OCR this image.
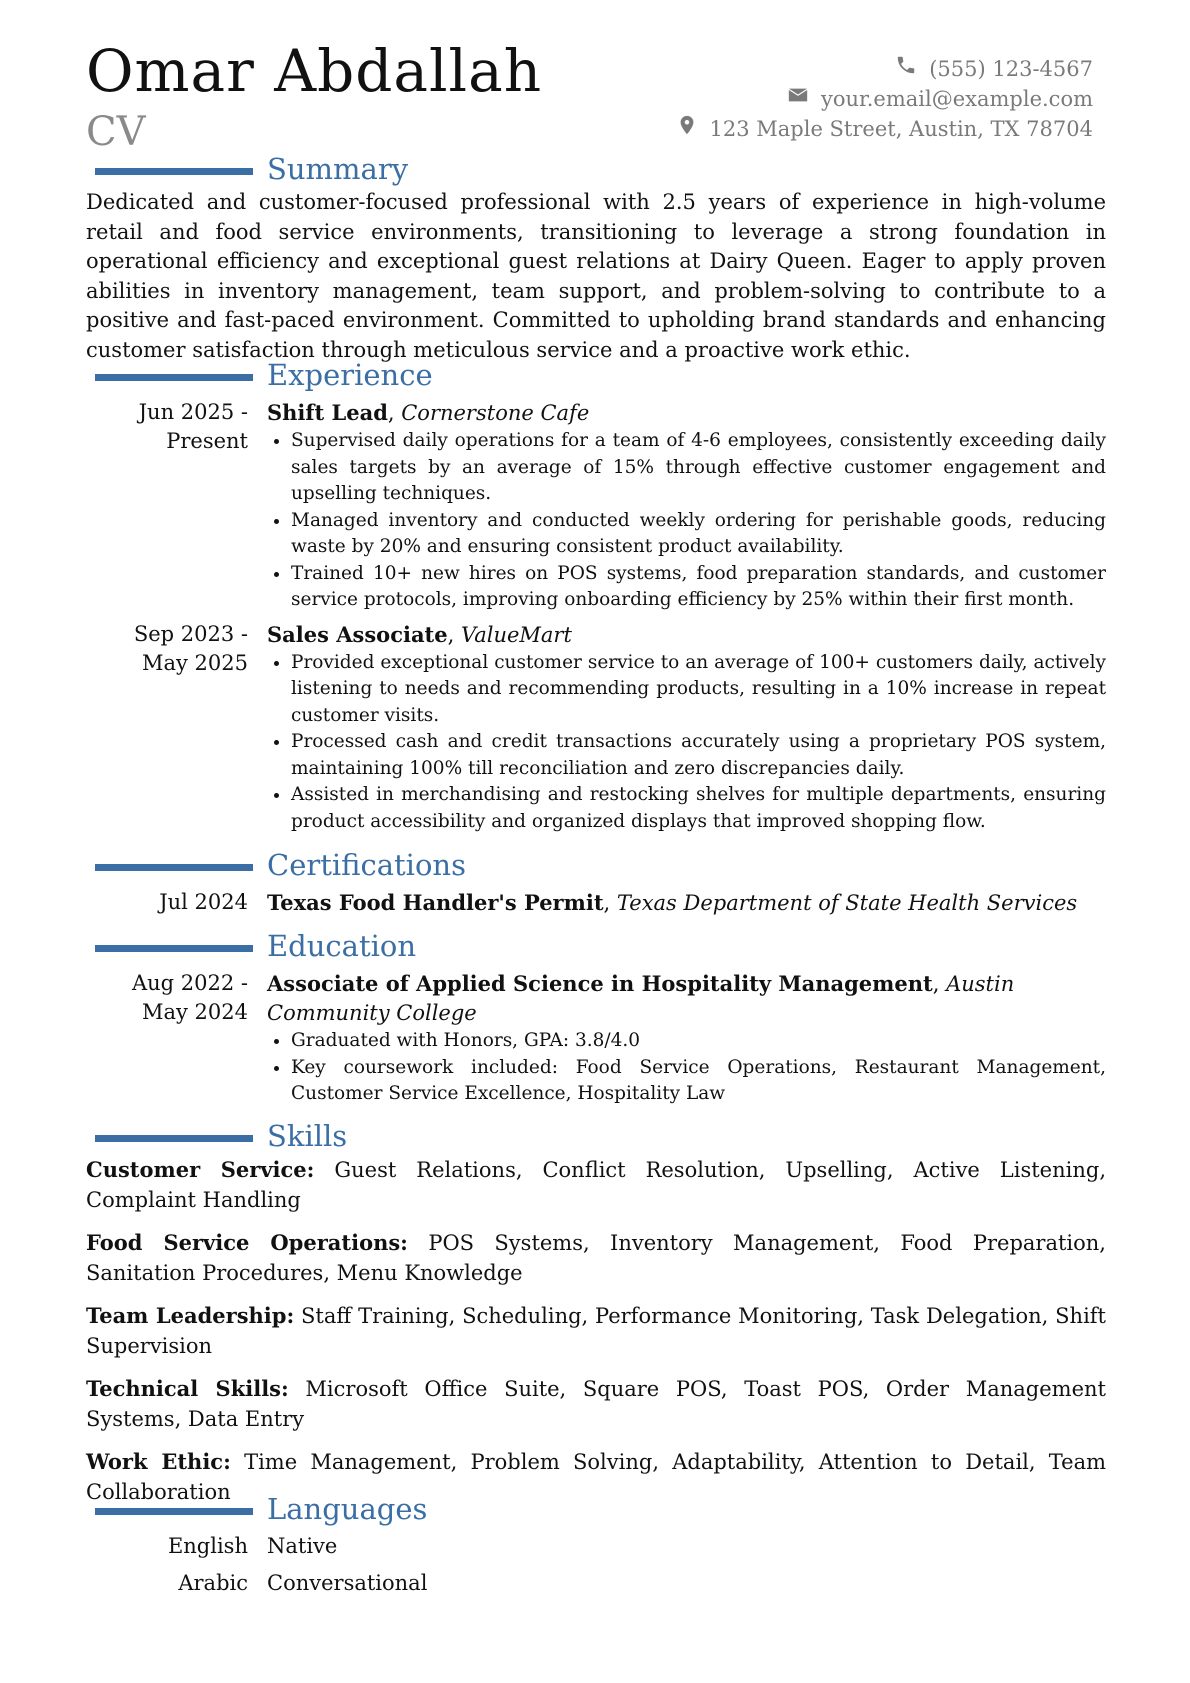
Omar Abdallah
CV
(555) 123-4567
your.email@example.com
123 Maple Street, Austin, TX 78704
Summary
Dedicated and customer-focused professional with 2.5 years of experience in high-volume retail and food service environments, transitioning to leverage a strong foundation in operational efficiency and exceptional guest relations at Dairy Queen. Eager to apply proven abilities in inventory management, team support, and problem-solving to contribute to a positive and fast-paced environment. Committed to upholding brand standards and enhancing customer satisfaction through meticulous service and a proactive work ethic.
Experience
Jun 2025 - Present
Shift Lead, Cornerstone Cafe
Supervised daily operations for a team of 4-6 employees, consistently exceeding daily sales targets by an average of 15% through effective customer engagement and upselling techniques.
Managed inventory and conducted weekly ordering for perishable goods, reducing waste by 20% and ensuring consistent product availability.
Trained 10+ new hires on POS systems, food preparation standards, and customer service protocols, improving onboarding efficiency by 25% within their first month.
Sep 2023 - May 2025
Sales Associate, ValueMart
Provided exceptional customer service to an average of 100+ customers daily, actively listening to needs and recommending products, resulting in a 10% increase in repeat customer visits.
Processed cash and credit transactions accurately using a proprietary POS system, maintaining 100% till reconciliation and zero discrepancies daily.
Assisted in merchandising and restocking shelves for multiple departments, ensuring product accessibility and organized displays that improved shopping flow.
Certifications
Jul 2024 Texas Food Handler's Permit, Texas Department of State Health Services
Education
Aug 2022 - May 2024
Associate of Applied Science in Hospitality Management, Austin Community College
Graduated with Honors, GPA: 3.8/4.0
Key coursework included: Food Service Operations, Restaurant Management, Customer Service Excellence, Hospitality Law
Skills
Customer Service: Guest Relations, Conflict Resolution, Upselling, Active Listening, Complaint Handling
Food Service Operations: POS Systems, Inventory Management, Food Preparation, Sanitation Procedures, Menu Knowledge
Team Leadership: Staff Training, Scheduling, Performance Monitoring, Task Delegation, Shift Supervision
Technical Skills: Microsoft Office Suite, Square POS, Toast POS, Order Management Systems, Data Entry
Work Ethic: Time Management, Problem Solving, Adaptability, Attention to Detail, Team Collaboration
Languages
English Native
Arabic Conversational
